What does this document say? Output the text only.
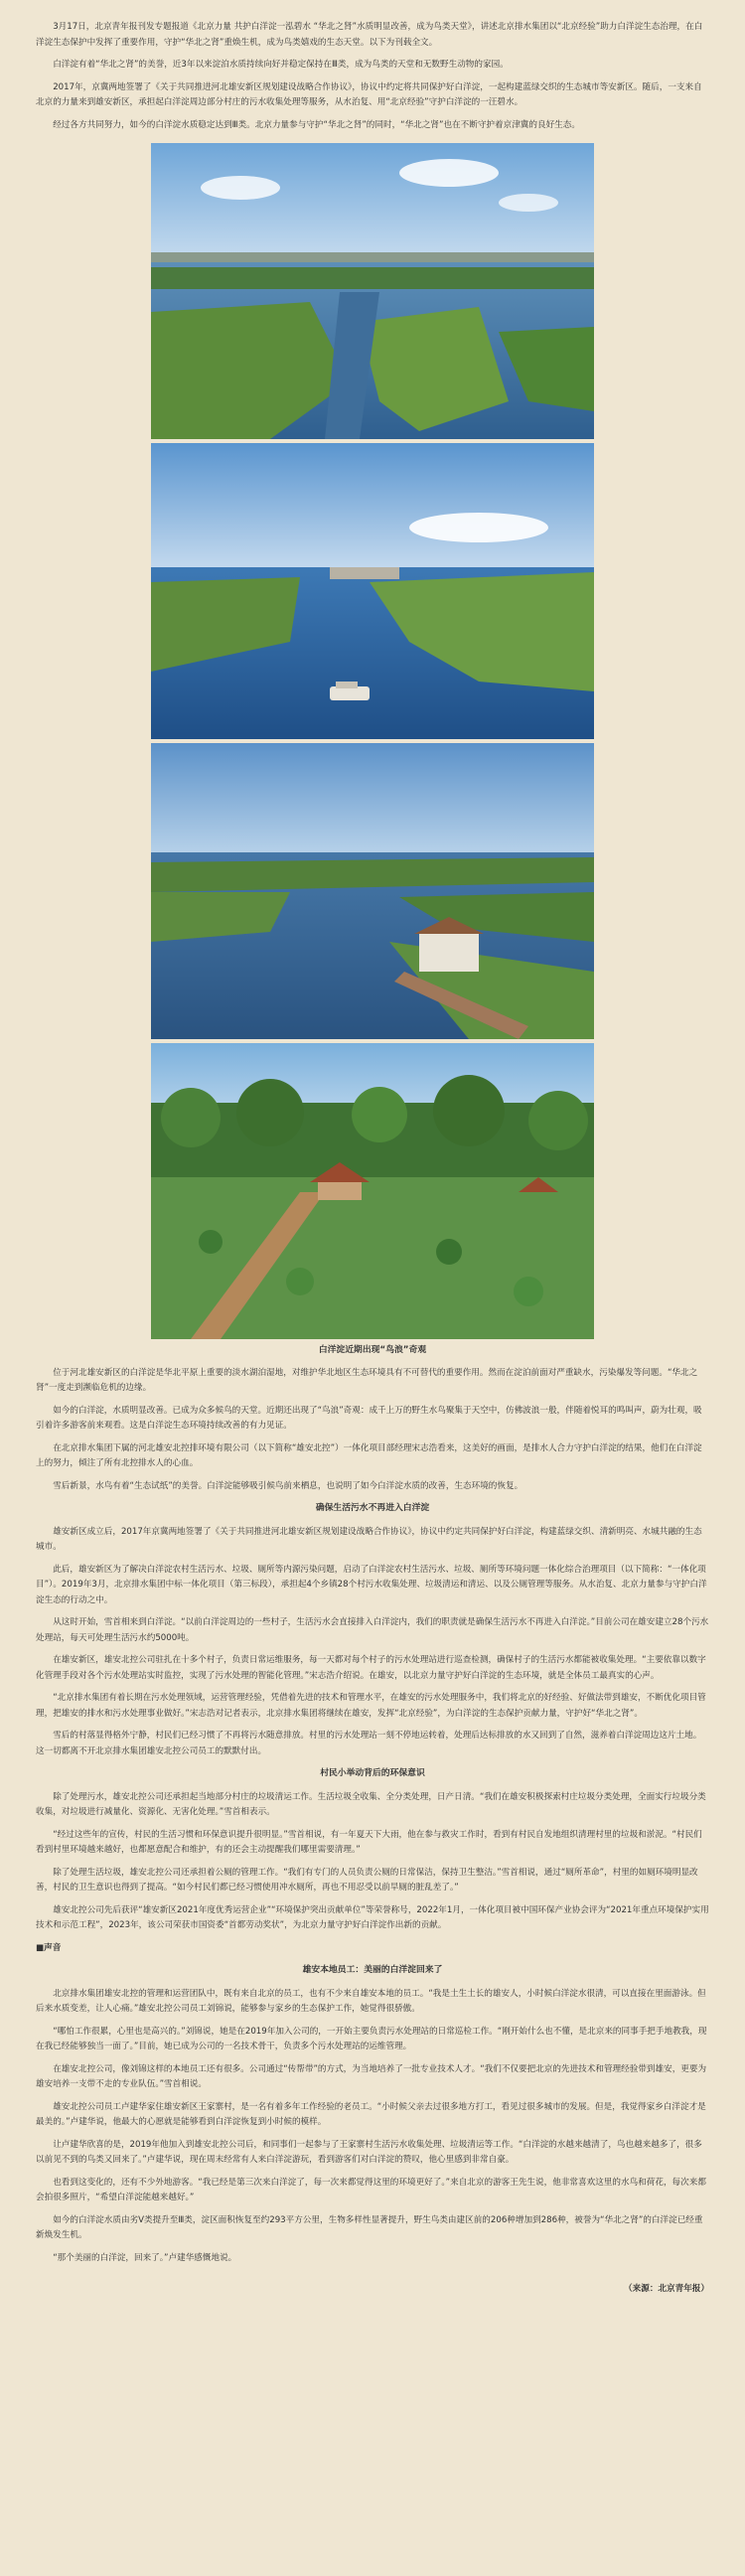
3月17日，北京青年报刊发专题报道《北京力量 共护白洋淀一泓碧水 “华北之肾”水质明显改善，成为鸟类天堂》，讲述北京排水集团以“北京经验”助力白洋淀生态治理，在白洋淀生态保护中发挥了重要作用，守护“华北之肾”重焕生机，成为鸟类嬉戏的生态天堂。以下为刊载全文。

白洋淀有着“华北之肾”的美誉，近3年以来淀泊水质持续向好并稳定保持在Ⅲ类，成为鸟类的天堂和无数野生动物的家园。

2017年，京冀两地签署了《关于共同推进河北雄安新区规划建设战略合作协议》，协议中约定将共同保护好白洋淀，一起构建蓝绿交织的生态城市等安新区。随后，一支来自北京的力量来到雄安新区，承担起白洋淀周边部分村庄的污水收集处理等服务，从水治复、用“北京经验”守护白洋淀的一汪碧水。

经过各方共同努力，如今的白洋淀水质稳定达到Ⅲ类。北京力量参与守护“华北之肾”的同时，“华北之肾”也在不断守护着京津冀的良好生态。

白洋淀近期出现“鸟浪”奇观

位于河北雄安新区的白洋淀是华北平原上重要的淡水湖泊湿地，对维护华北地区生态环境具有不可替代的重要作用。然而在淀泊前面对严重缺水，污染爆发等问题。“华北之肾”一度走到濒临危机的边缘。

如今的白洋淀，水质明显改善。已成为众多候鸟的天堂。近期还出现了“鸟浪”奇观：成千上万的野生水鸟聚集于天空中，仿佛波浪一般，伴随着悦耳的鸣叫声，蔚为壮观，吸引着许多游客前来观看。这是白洋淀生态环境持续改善的有力见证。

在北京排水集团下属的河北雄安北控排环境有限公司（以下简称“雄安北控”）一体化项目部经理宋志浩看来，这美好的画面，是排水人合力守护白洋淀的结果，他们在白洋淀上的努力，倾注了所有北控排水人的心血。

雪后新景，水鸟有着“生态试纸”的美誉。白洋淀能够吸引候鸟前来栖息，也说明了如今白洋淀水质的改善，生态环境的恢复。

确保生活污水不再进入白洋淀

雄安新区成立后，2017年京冀两地签署了《关于共同推进河北雄安新区规划建设战略合作协议》，协议中约定共同保护好白洋淀，构建蓝绿交织、清新明亮、水城共融的生态城市。

此后，雄安新区为了解决白洋淀农村生活污水、垃圾、厕所等内源污染问题，启动了白洋淀农村生活污水、垃圾、厕所等环境问题一体化综合治理项目（以下简称：“一体化项目”）。2019年3月，北京排水集团中标一体化项目（第三标段），承担起4个乡镇28个村污水收集处理、垃圾清运和清运、以及公厕管理等服务。从水治复、北京力量参与守护白洋淀生态的行动之中。

从这时开始，雪首相来到白洋淀。“以前白洋淀周边的一些村子，生活污水会直接排入白洋淀内，我们的职责就是确保生活污水不再进入白洋淀。”目前公司在雄安建立28个污水处理站，每天可处理生活污水约5000吨。

在雄安新区，雄安北控公司驻扎在十多个村子，负责日常运维服务，每一天都对每个村子的污水处理站进行巡查检测，确保村子的生活污水都能被收集处理。“主要依靠以数字化管理手段对各个污水处理站实时监控，实现了污水处理的智能化管理。”宋志浩介绍说。在雄安，以北京力量守护好白洋淀的生态环境，就是全体员工最真实的心声。

“北京排水集团有着长期在污水处理领域，运营管理经验，凭借着先进的技术和管理水平，在雄安的污水处理服务中，我们将北京的好经验、好做法带到雄安，不断优化项目管理，把雄安的排水和污水处理事业做好。”宋志浩对记者表示，北京排水集团将继续在雄安，发挥“北京经验”，为白洋淀的生态保护贡献力量，守护好“华北之肾”。

雪后的村落显得格外宁静，村民们已经习惯了不再将污水随意排放。村里的污水处理站一刻不停地运转着，处理后达标排放的水又回到了自然，滋养着白洋淀周边这片土地。这一切都离不开北京排水集团雄安北控公司员工的默默付出。

村民小举动背后的环保意识

除了处理污水，雄安北控公司还承担起当地部分村庄的垃圾清运工作。生活垃圾全收集、全分类处理，日产日清。“我们在雄安积极探索村庄垃圾分类处理，全面实行垃圾分类收集，对垃圾进行减量化、资源化、无害化处理。”雪首相表示。

“经过这些年的宣传，村民的生活习惯和环保意识提升很明显。”雪首相说，有一年夏天下大雨，他在参与救灾工作时，看到有村民自发地组织清理村里的垃圾和淤泥。“村民们看到村里环境越来越好，也都愿意配合和维护，有的还会主动提醒我们哪里需要清理。”

除了处理生活垃圾，雄安北控公司还承担着公厕的管理工作。“我们有专门的人员负责公厕的日常保洁，保持卫生整洁。”雪首相说，通过“厕所革命”，村里的如厕环境明显改善，村民的卫生意识也得到了提高。“如今村民们都已经习惯使用冲水厕所，再也不用忍受以前旱厕的脏乱差了。”

雄安北控公司先后获评“雄安新区2021年度优秀运营企业”“环境保护突出贡献单位”等荣誉称号，2022年1月，一体化项目被中国环保产业协会评为“2021年重点环境保护实用技术和示范工程”，2023年，该公司荣获市国资委“首都劳动奖状”，为北京力量守护好白洋淀作出新的贡献。

■声音

雄安本地员工：美丽的白洋淀回来了

北京排水集团雄安北控的管理和运营团队中，既有来自北京的员工，也有不少来自雄安本地的员工。“我是土生土长的雄安人，小时候白洋淀水很清，可以直接在里面游泳。但后来水质变差，让人心痛。”雄安北控公司员工刘锦说，能够参与家乡的生态保护工作，她觉得很骄傲。

“哪怕工作很累，心里也是高兴的。”刘锦说，她是在2019年加入公司的，一开始主要负责污水处理站的日常巡检工作。“刚开始什么也不懂，是北京来的同事手把手地教我，现在我已经能够独当一面了。”目前，她已成为公司的一名技术骨干，负责多个污水处理站的运维管理。

在雄安北控公司，像刘锦这样的本地员工还有很多。公司通过“传帮带”的方式，为当地培养了一批专业技术人才。“我们不仅要把北京的先进技术和管理经验带到雄安，更要为雄安培养一支带不走的专业队伍。”雪首相说。

雄安北控公司员工卢建华家住雄安新区王家寨村，是一名有着多年工作经验的老员工。“小时候父亲去过很多地方打工，看见过很多城市的发展。但是，我觉得家乡白洋淀才是最美的。”卢建华说，他最大的心愿就是能够看到白洋淀恢复到小时候的模样。

让卢建华欣喜的是，2019年他加入到雄安北控公司后，和同事们一起参与了王家寨村生活污水收集处理、垃圾清运等工作。“白洋淀的水越来越清了，鸟也越来越多了，很多以前见不到的鸟类又回来了。”卢建华说，现在周末经常有人来白洋淀游玩，看到游客们对白洋淀的赞叹，他心里感到非常自豪。

也看到这变化的，还有不少外地游客。“我已经是第三次来白洋淀了，每一次来都觉得这里的环境更好了。”来自北京的游客王先生说，他非常喜欢这里的水鸟和荷花，每次来都会拍很多照片，“希望白洋淀能越来越好。”

如今的白洋淀水质由劣Ⅴ类提升至Ⅲ类，淀区面积恢复至约293平方公里，生物多样性显著提升，野生鸟类由建区前的206种增加到286种，被誉为“华北之肾”的白洋淀已经重新焕发生机。

“那个美丽的白洋淀，回来了。”卢建华感慨地说。

（来源：北京青年报）
